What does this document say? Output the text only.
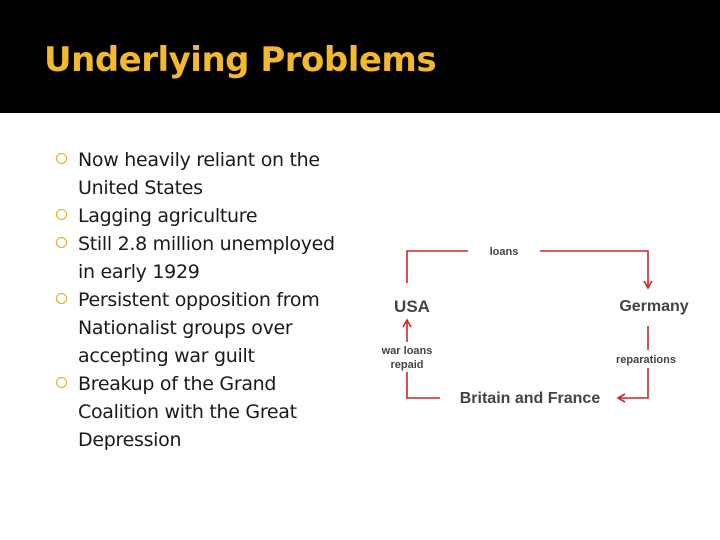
Underlying Problems
Now heavily reliant on the United States
Lagging agriculture
Still 2.8 million unemployed in early 1929
Persistent opposition from Nationalist groups over accepting war guilt
Breakup of the Grand Coalition with the Great Depression
loans
reparations
war loans
repaid
USA	Germany
Britain and France
